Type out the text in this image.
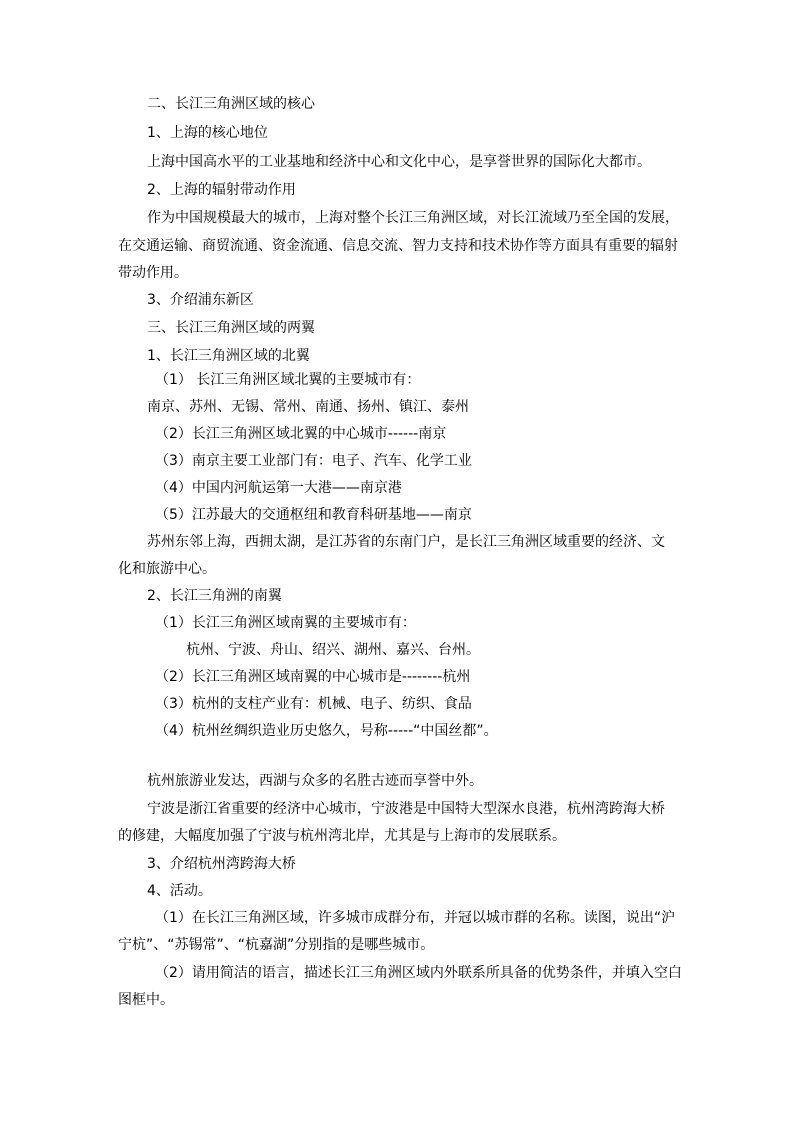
二、长江三角洲区域的核心
1、上海的核心地位
上海中国高水平的工业基地和经济中心和文化中心，是享誉世界的国际化大都市。
2、上海的辐射带动作用
作为中国规模最大的城市，上海对整个长江三角洲区域，对长江流域乃至全国的发展，
在交通运输、商贸流通、资金流通、信息交流、智力支持和技术协作等方面具有重要的辐射
带动作用。
3、介绍浦东新区
三、长江三角洲区域的两翼
1、长江三角洲区域的北翼
（1） 长江三角洲区域北翼的主要城市有：
南京、苏州、无锡、常州、南通、扬州、镇江、泰州
（2）长江三角洲区域北翼的中心城市------南京
（3）南京主要工业部门有：电子、汽车、化学工业
（4）中国内河航运第一大港——南京港
（5）江苏最大的交通枢纽和教育科研基地——南京
苏州东邻上海，西拥太湖，是江苏省的东南门户，是长江三角洲区域重要的经济、文
化和旅游中心。
2、长江三角洲的南翼
（1）长江三角洲区域南翼的主要城市有：
杭州、宁波、舟山、绍兴、湖州、嘉兴、台州。
（2）长江三角洲区域南翼的中心城市是--------杭州
（3）杭州的支柱产业有：机械、电子、纺织、食品
（4）杭州丝绸织造业历史悠久，号称-----“中国丝都”。
杭州旅游业发达，西湖与众多的名胜古迹而享誉中外。
宁波是浙江省重要的经济中心城市，宁波港是中国特大型深水良港，杭州湾跨海大桥
的修建，大幅度加强了宁波与杭州湾北岸，尤其是与上海市的发展联系。
3、介绍杭州湾跨海大桥
4、活动。
（1）在长江三角洲区域，许多城市成群分布，并冠以城市群的名称。读图，说出“沪
宁杭”、“苏锡常”、“杭嘉湖”分别指的是哪些城市。
（2）请用简洁的语言，描述长江三角洲区域内外联系所具备的优势条件，并填入空白
图框中。
